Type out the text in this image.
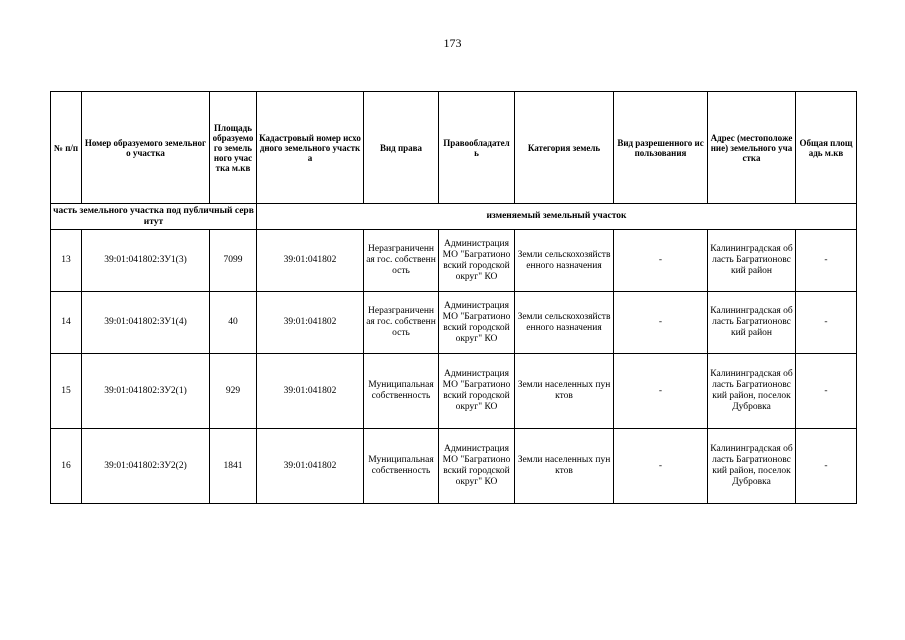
173
№ п/п	Номер образуемого земельного участка	Площадь образуемого земельного участка м.кв	Кадастровый номер исходного земельного участка	Вид права	Правообладатель	Категория земель	Вид разрешенного использования	Адрес (местоположение) земельного участка	Общая площадь м.кв
часть земельного участка под публичный сервитут			изменяемый земельный участок						
13	39:01:041802:ЗУ1(3)	7099	39:01:041802	Неразграниченная гос. собственность	Администрация МО "Багратионовский городской округ" КО	Земли сельскохозяйственного назначения	-	Калининградская область Багратионовский район	-
14	39:01:041802:ЗУ1(4)	40	39:01:041802	Неразграниченная гос. собственность	Администрация МО "Багратионовский городской округ" КО	Земли сельскохозяйственного назначения	-	Калининградская область Багратионовский район	-
15	39:01:041802:ЗУ2(1)	929	39:01:041802	Муниципальная собственность	Администрация МО "Багратионовский городской округ" КО	Земли населенных пунктов	-	Калининградская область Багратионовский район, поселок Дубровка	-
16	39:01:041802:ЗУ2(2)	1841	39:01:041802	Муниципальная собственность	Администрация МО "Багратионовский городской округ" КО	Земли населенных пунктов	-	Калининградская область Багратионовский район, поселок Дубровка	-
